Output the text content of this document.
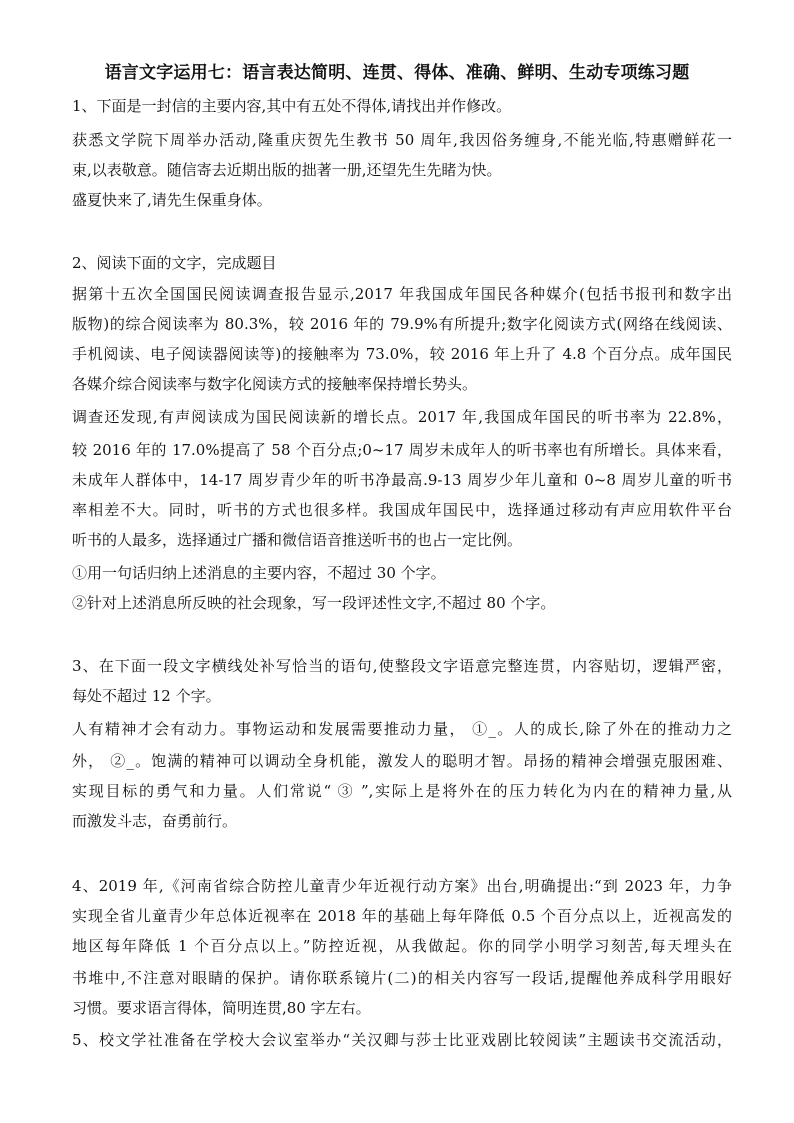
语言文字运用七：语言表达简明、连贯、得体、准确、鲜明、生动专项练习题
1、下面是一封信的主要内容,其中有五处不得体,请找出并作修改。
获悉文学院下周举办活动,隆重庆贺先生教书 50 周年,我因俗务缠身,不能光临,特惠赠鲜花一
束,以表敬意。随信寄去近期出版的拙著一册,还望先生先睹为快。
盛夏快来了,请先生保重身体。
2、阅读下面的文字，完成题目
据第十五次全国国民阅读调查报告显示,2017 年我国成年国民各种媒介(包括书报刊和数字出
版物)的综合阅读率为 80.3%，较 2016 年的 79.9%有所提升;数字化阅读方式(网络在线阅读、
手机阅读、电子阅读器阅读等)的接触率为 73.0%，较 2016 年上升了 4.8 个百分点。成年国民
各媒介综合阅读率与数字化阅读方式的接触率保持增长势头。
调查还发现,有声阅读成为国民阅读新的增长点。2017 年,我国成年国民的听书率为 22.8%，
较 2016 年的 17.0%提高了 58 个百分点;0~17 周岁未成年人的听书率也有所增长。具体来看，
未成年人群体中，14-17 周岁青少年的听书净最高.9-13 周岁少年儿童和 0~8 周岁儿童的听书
率相差不大。同时，听书的方式也很多样。我国成年国民中，选择通过移动有声应用软件平台
听书的人最多，选择通过广播和微信语音推送听书的也占一定比例。
①用一句话归纳上述消息的主要内容，不超过 30 个字。
②针对上述消息所反映的社会现象，写一段评述性文字,不超过 80 个字。
3、在下面一段文字横线处补写恰当的语句,使整段文字语意完整连贯，内容贴切，逻辑严密，
每处不超过 12 个字。
人有精神才会有动力。事物运动和发展需要推动力量， ①_。人的成长,除了外在的推动力之
外， ②_。饱满的精神可以调动全身机能，激发人的聪明才智。昂扬的精神会增强克服困难、
实现目标的勇气和力量。人们常说“ ③ ”,实际上是将外在的压力转化为内在的精神力量,从
而激发斗志，奋勇前行。
4、2019 年,《河南省综合防控儿童青少年近视行动方案》出台,明确提出:“到 2023 年，力争
实现全省儿童青少年总体近视率在 2018 年的基础上每年降低 0.5 个百分点以上，近视高发的
地区每年降低 1 个百分点以上。”防控近视，从我做起。你的同学小明学习刻苦,每天埋头在
书堆中,不注意对眼睛的保护。请你联系镜片(二)的相关内容写一段话,提醒他养成科学用眼好
习惯。要求语言得体，简明连贯,80 字左右。
5、校文学社准备在学校大会议室举办“关汉卿与莎士比亚戏剧比较阅读”主题读书交流活动，
